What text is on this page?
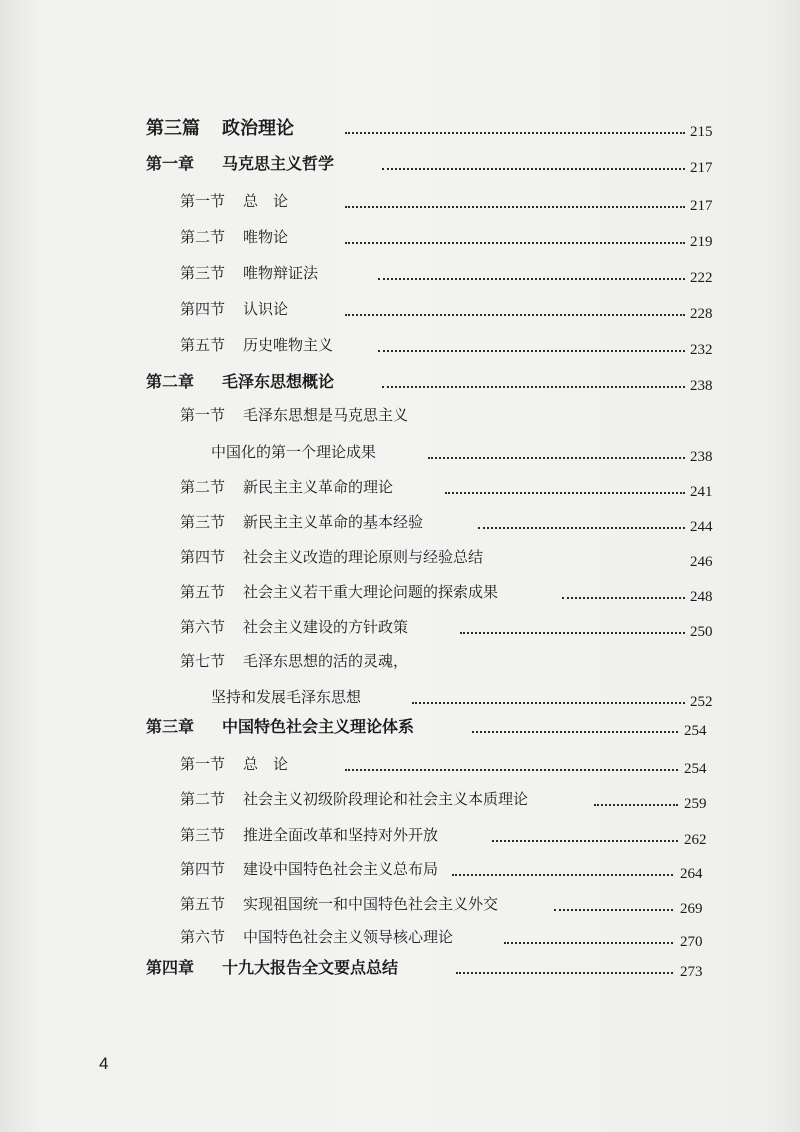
第三篇 政治理论	215
第一章 马克思主义哲学	217
第一节 总　论	217
第二节 唯物论	219
第三节 唯物辩证法	222
第四节 认识论	228
第五节 历史唯物主义	232
第二章 毛泽东思想概论	238
第一节 毛泽东思想是马克思主义
中国化的第一个理论成果	238
第二节 新民主主义革命的理论	241
第三节 新民主主义革命的基本经验	244
第四节 社会主义改造的理论原则与经验总结	246
第五节 社会主义若干重大理论问题的探索成果	248
第六节 社会主义建设的方针政策	250
第七节 毛泽东思想的活的灵魂，
坚持和发展毛泽东思想	252
第三章 中国特色社会主义理论体系	254
第一节 总　论	254
第二节 社会主义初级阶段理论和社会主义本质理论	259
第三节 推进全面改革和坚持对外开放	262
第四节 建设中国特色社会主义总布局	264
第五节 实现祖国统一和中国特色社会主义外交	269
第六节 中国特色社会主义领导核心理论	270
第四章 十九大报告全文要点总结	273
4
